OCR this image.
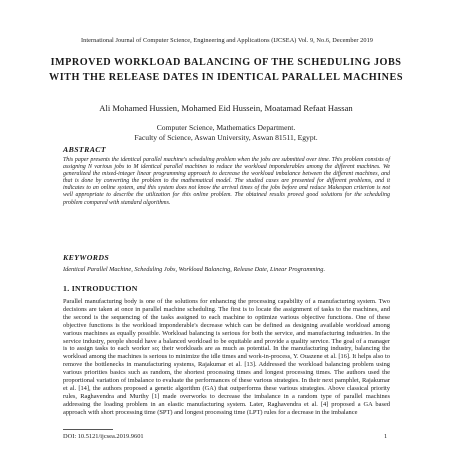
International Journal of Computer Science, Engineering and Applications (IJCSEA) Vol. 9, No.6, December 2019
IMPROVED WORKLOAD BALANCING OF THE SCHEDULING JOBS WITH THE RELEASE DATES IN IDENTICAL PARALLEL MACHINES
Ali Mohamed Hussien, Mohamed Eid Hussein, Moatamad Refaat Hassan
Computer Science, Mathematics Department.
Faculty of Science, Aswan University, Aswan 81511, Egypt.
ABSTRACT
This paper presents the identical parallel machine's scheduling problem when the jobs are submitted over time. This problem consists of assigning N various jobs to M identical parallel machines to reduce the workload imponderables among the different machines. We generalized the mixed-integer linear programming approach to decrease the workload imbalance between the different machines, and that is done by converting the problem to the mathematical model. The studied cases are presented for different problems, and it indicates to an online system, and this system does not know the arrival times of the jobs before and reduce Makespan criterion is not well appropriate to describe the utilization for this online problem. The obtained results proved good solutions for the scheduling problem compared with standard algorithms.
KEYWORDS
Identical Parallel Machine, Scheduling Jobs, Workload Balancing, Release Date, Linear Programming.
1. INTRODUCTION
Parallel manufacturing body is one of the solutions for enhancing the processing capability of a manufacturing system. Two decisions are taken at once in parallel machine scheduling. The first is to locate the assignment of tasks to the machines, and the second is the sequencing of the tasks assigned to each machine to optimize various objective functions. One of these objective functions is the workload imponderable's decrease which can be defined as designing available workload among various machines as equally possible. Workload balancing is serious for both the service, and manufacturing industries. In the service industry, people should have a balanced workload to be equitable and provide a quality service. The goal of a manager is to assign tasks to each worker so; their workloads are as much as potential. In the manufacturing industry, balancing the workload among the machines is serious to minimize the idle times and work-in-process, Y. Ouazene et al. [16]. It helps also to remove the bottlenecks in manufacturing systems, Rajakumar et al. [13]. Addressed the workload balancing problem using various priorities basics such as random, the shortest processing times and longest processing times. The authors used the proportional variation of imbalance to evaluate the performances of these various strategies. In their next pamphlet, Rajakumar et al. [14], the authors proposed a genetic algorithm (GA) that outperforms these various strategies. Above classical priority rules, Raghavendra and Murthy [1] made overworks to decrease the imbalance in a random type of parallel machines addressing the loading problem in an elastic manufacturing system. Later, Raghavendra et al. [4] proposed a GA based approach with short processing time (SPT) and longest processing time (LPT) rules for a decrease in the imbalance
DOI: 10.5121/ijcsea.2019.9601	1
